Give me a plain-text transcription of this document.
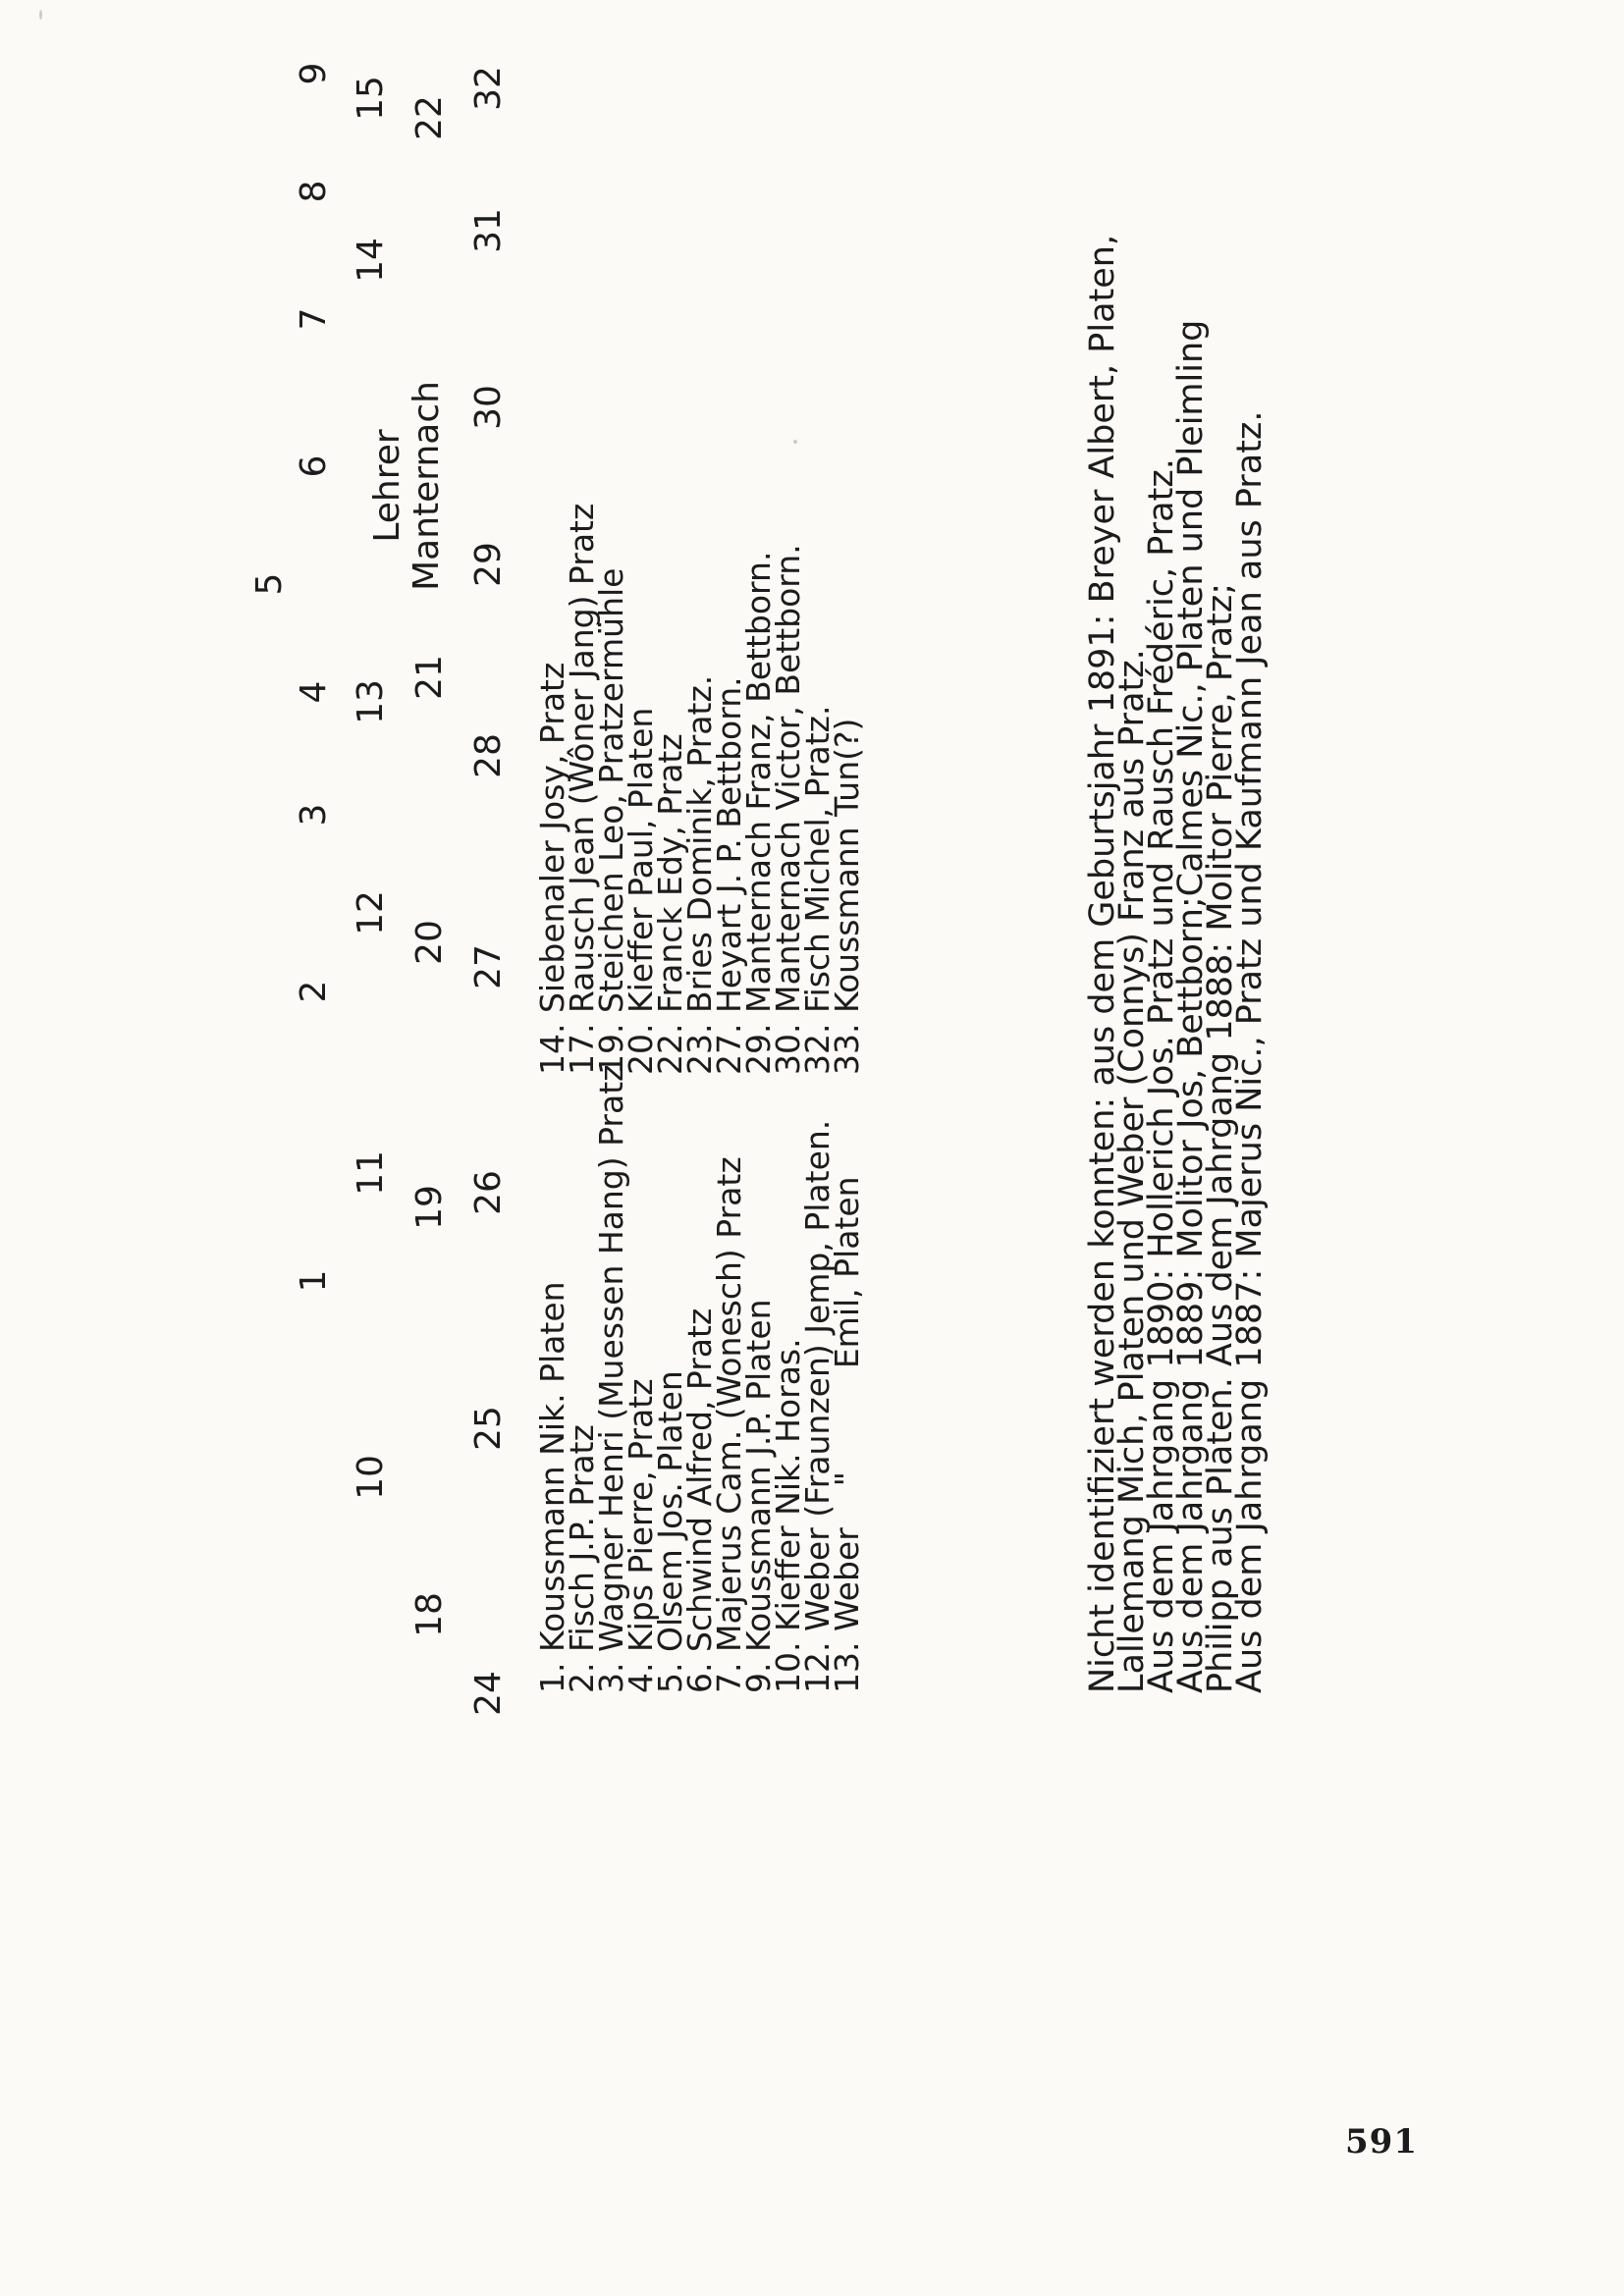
1
2
3
4
5
6
7
8
9
10
11
12
13
14
15
Lehrer Manternach
18
19
20
21
22
24
25
26
27
28
29
30
31
32
1. Koussmann Nik. Platen14. Siebenaler Josy, Pratz
2. Fisch J.P. Pratz17. Rausch Jean (Wôner Jang) Pratz
3. Wagner Henri (Muessen Hang) Pratz19. Steichen Leo, Pratzermühle
4. Kips Pierre, Pratz20. Kieffer Paul, Platen
5. Olsem Jos. Platen22. Franck Edy, Pratz
6. Schwind Alfred, Pratz23. Bries Dominik, Pratz.
7. Majerus Cam. (Wonesch) Pratz27. Heyart J. P. Bettborn.
9. Koussmann J.P. Platen29. Manternach Franz, Bettborn.
10. Kieffer Nik. Horas.30. Manternach Victor, Bettborn.
12. Weber (Fraunzen) Jemp, Platen.32. Fisch Michel, Pratz.
13. Weber    "          Emil, Platen33. Koussmann Tun(?)	Nicht identifiziert werden konnten: aus dem Geburtsjahr 1891: Breyer Albert, Platen,
Lallemang Mich, Platen und Weber (Connys) Franz aus Pratz.
Aus dem Jahrgang 1890: Hollerich Jos. Pratz und Rausch Frédéric, Pratz.
Aus dem Jahrgang 1889: Molitor Jos, Bettborn;Calmes Nic., Platen und Pleimling
Philipp aus Platen. Aus dem Jahrgang 1888: Molitor Pierre, Pratz;
Aus dem Jahrgang 1887: Majerus Nic., Pratz und Kaufmann Jean aus Pratz.
591
